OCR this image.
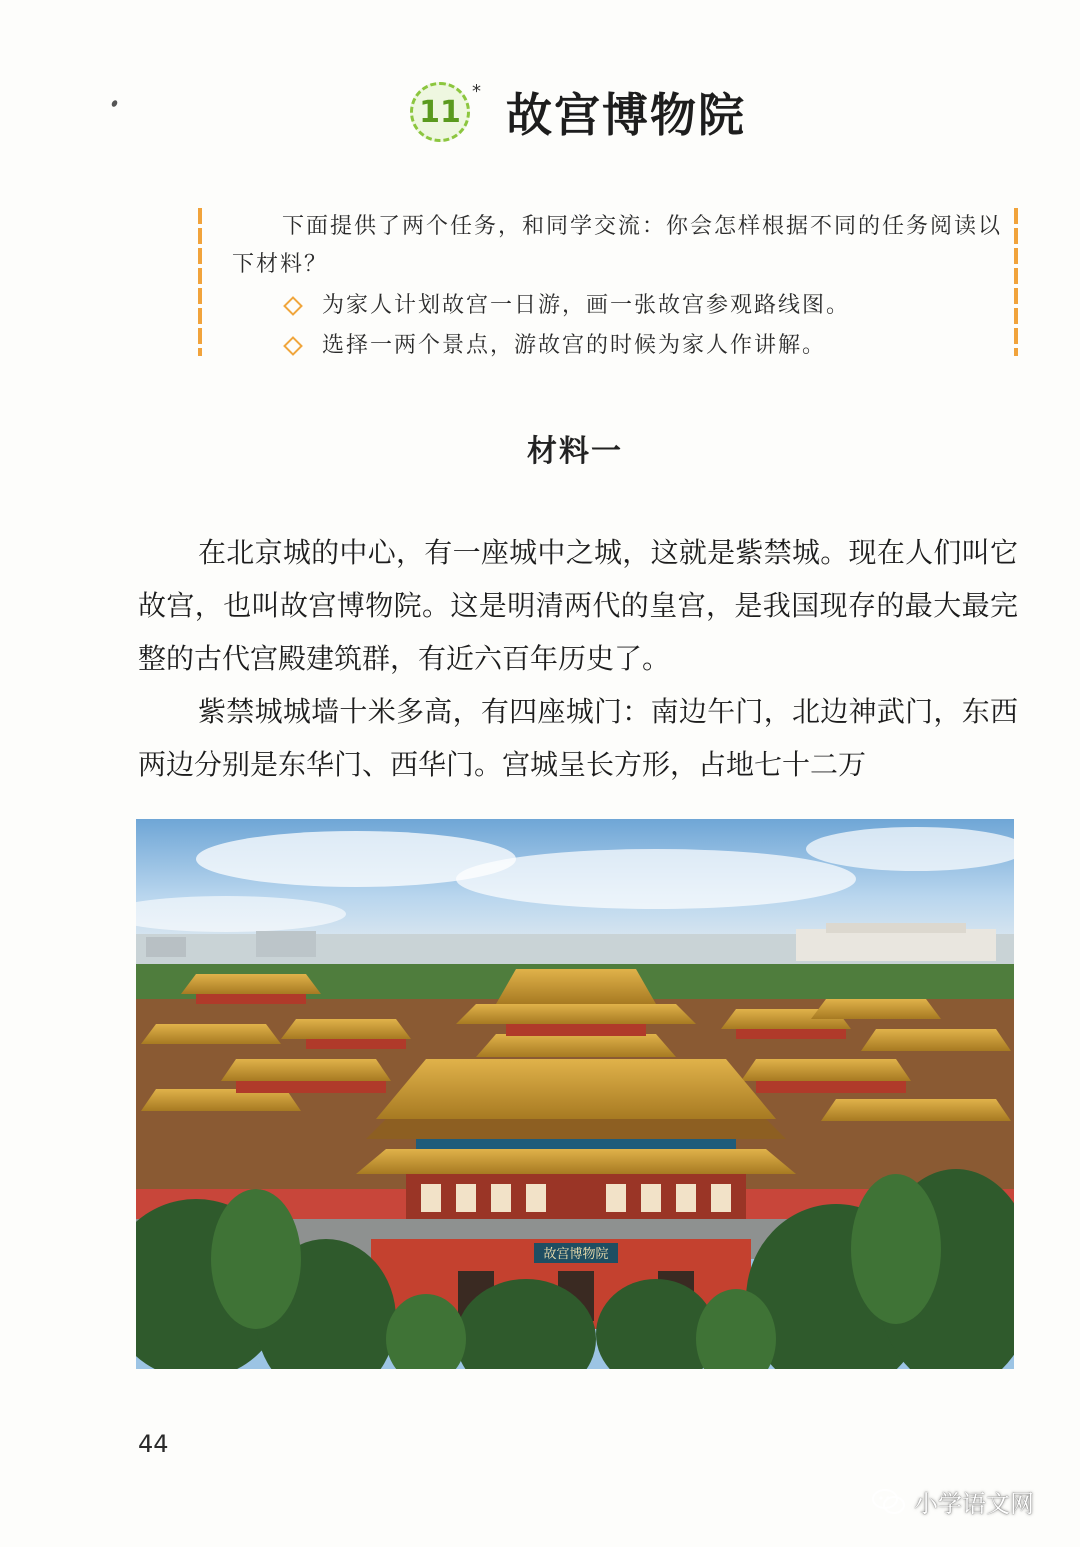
11
* 故宫博物院
下面提供了两个任务，和同学交流：你会怎样根据不同的任务阅读以下材料？
为家人计划故宫一日游，画一张故宫参观路线图。
选择一两个景点，游故宫的时候为家人作讲解。
材料一

在北京城的中心，有一座城中之城，这就是紫禁城。现在人们叫它故宫，也叫故宫博物院。这是明清两代的皇宫，是我国现存的最大最完整的古代宫殿建筑群，有近六百年历史了。

紫禁城城墙十米多高，有四座城门：南边午门，北边神武门，东西两边分别是东华门、西华门。宫城呈长方形，占地七十二万

故宫博物院
44
小学语文网
